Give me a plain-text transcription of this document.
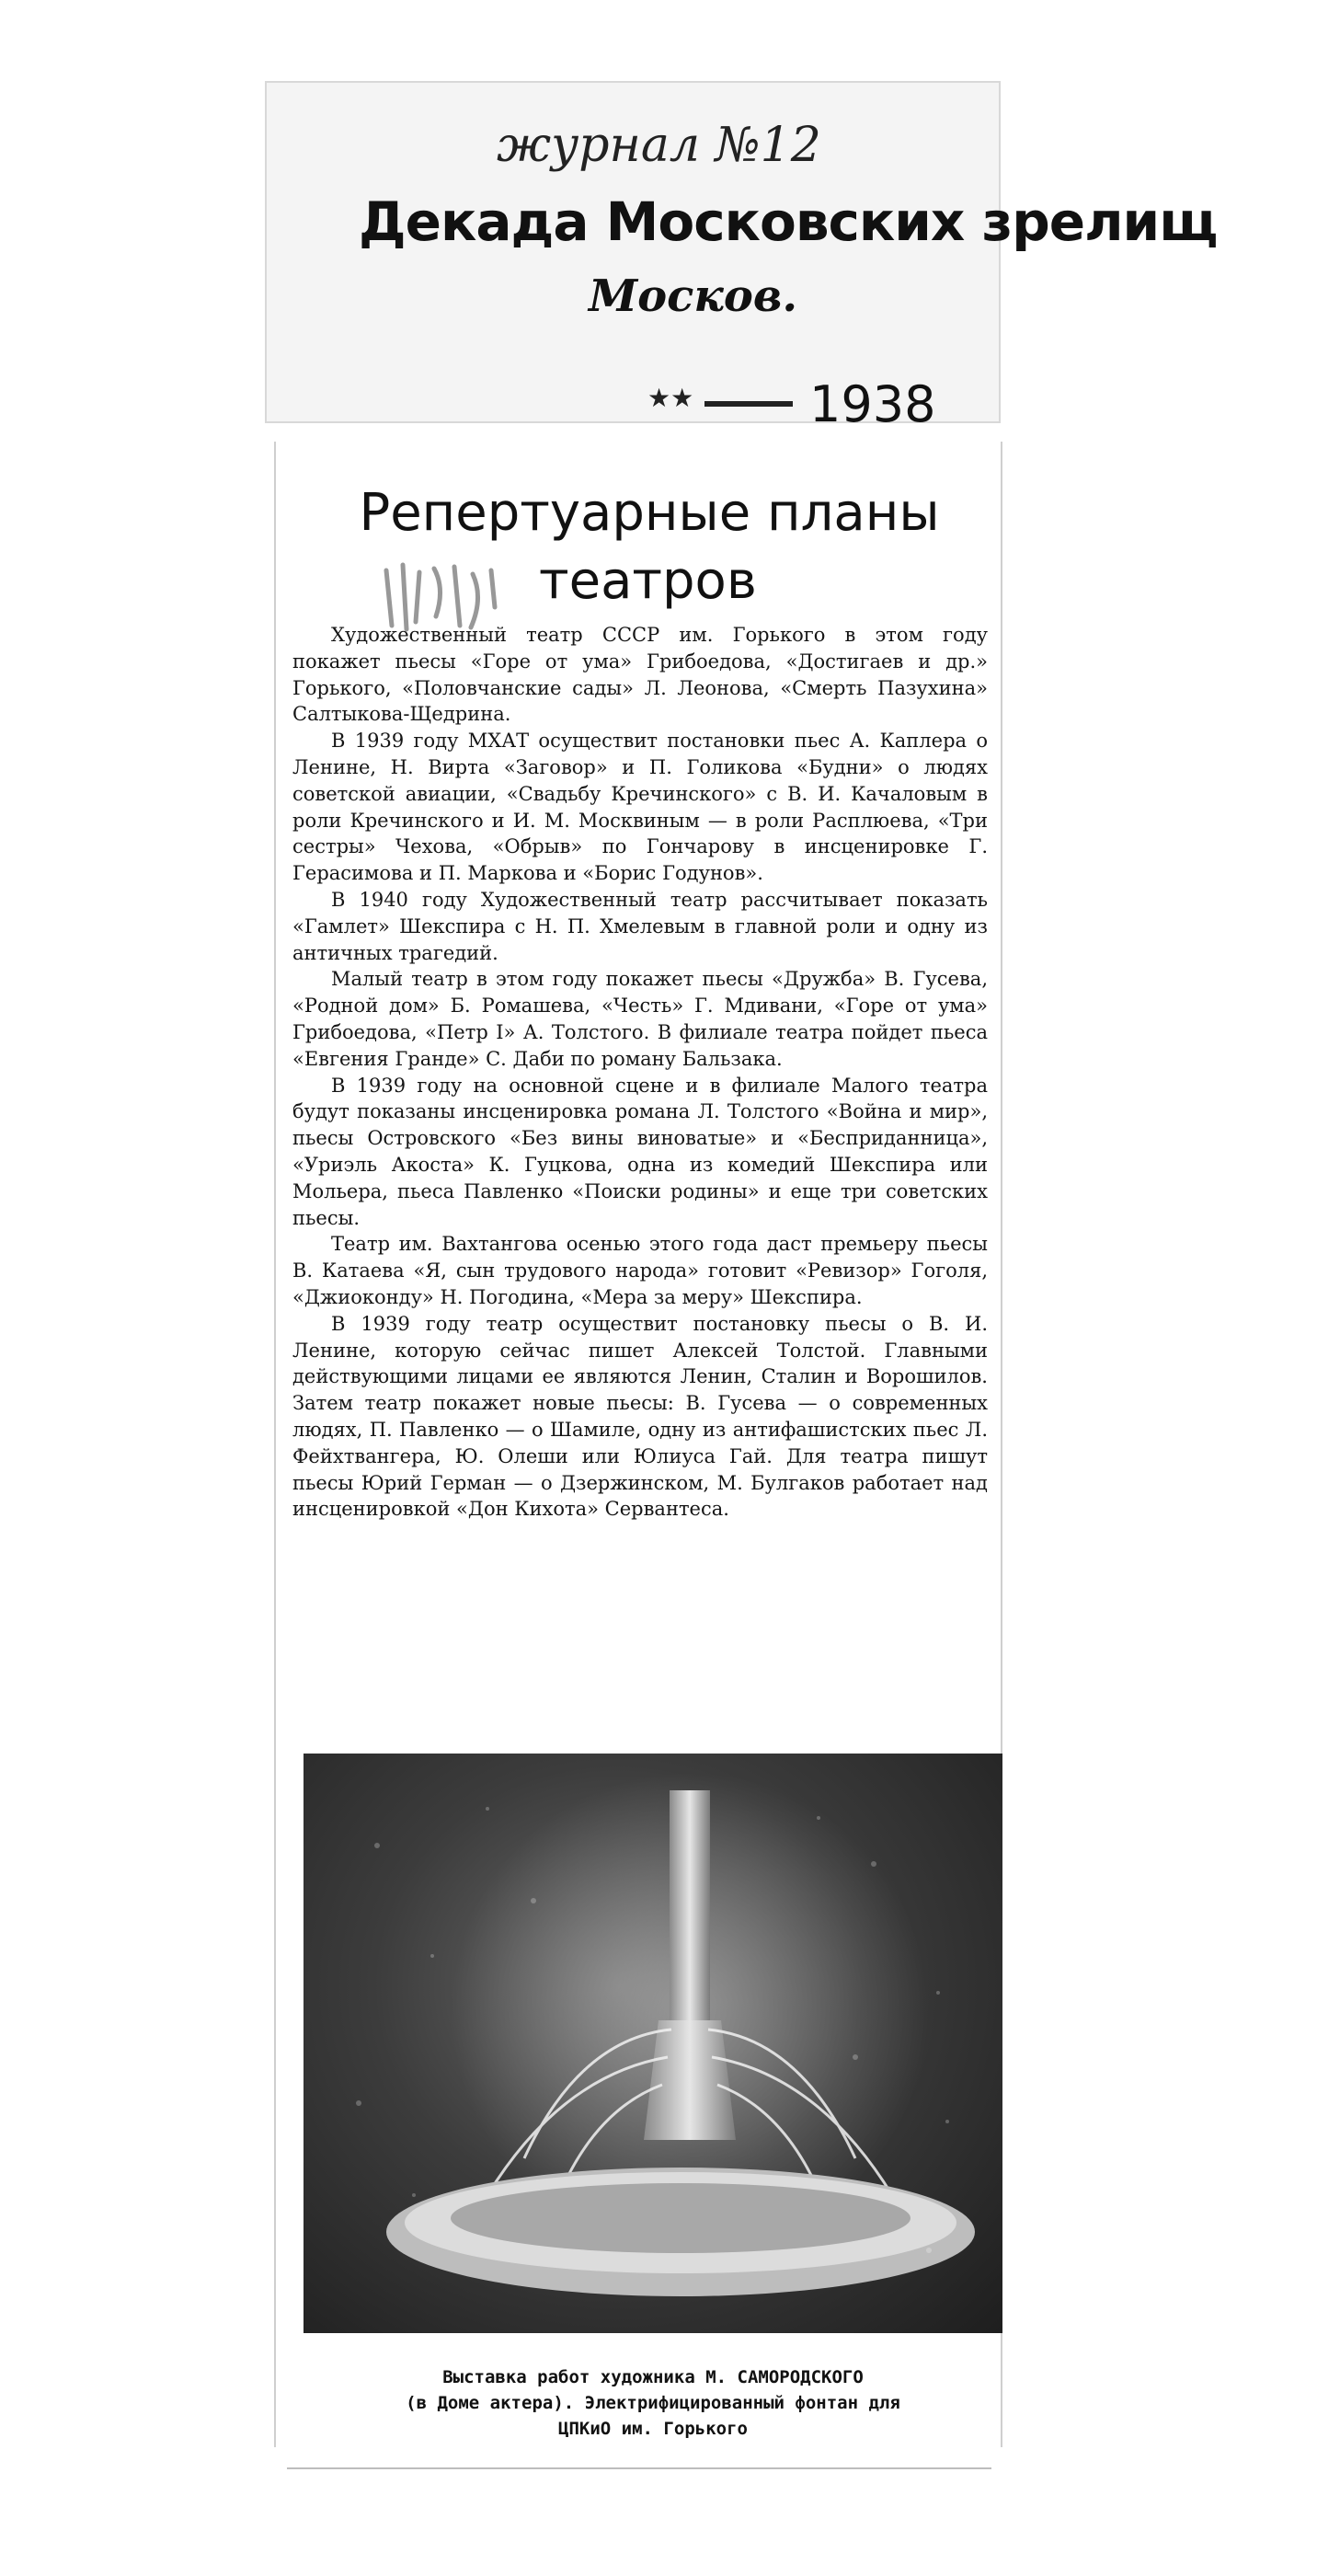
журнал №12
Декада Московских зрелищ
Москов.
★★ 1938
Репертуарные планы
театров

Художественный театр СССР им. Горького в этом году покажет пьесы «Горе от ума» Грибоедова, «Достигаев и др.» Горького, «Половчанские сады» Л. Леонова, «Смерть Пазухина» Салтыкова-Щедрина.

В 1939 году МХАТ осуществит постановки пьес А. Каплера о Ленине, Н. Вирта «Заговор» и П. Голикова «Будни» о людях советской авиации, «Свадьбу Кречинского» с В. И. Качаловым в роли Кречинского и И. М. Москвиным — в роли Расплюева, «Три сестры» Чехова, «Обрыв» по Гончарову в инсценировке Г. Герасимова и П. Маркова и «Борис Годунов».

В 1940 году Художественный театр рассчитывает показать «Гамлет» Шекспира с Н. П. Хмелевым в главной роли и одну из античных трагедий.

Малый театр в этом году покажет пьесы «Дружба» В. Гусева, «Родной дом» Б. Ромашева, «Честь» Г. Мдивани, «Горе от ума» Грибоедова, «Петр I» А. Толстого. В филиале театра пойдет пьеса «Евгения Гранде» С. Даби по роману Бальзака.

В 1939 году на основной сцене и в филиале Малого театра будут показаны инсценировка романа Л. Толстого «Война и мир», пьесы Островского «Без вины виноватые» и «Бесприданница», «Уриэль Акоста» К. Гуцкова, одна из комедий Шекспира или Мольера, пьеса Павленко «Поиски родины» и еще три советских пьесы.

Театр им. Вахтангова осенью этого года даст премьеру пьесы В. Катаева «Я, сын трудового народа» готовит «Ревизор» Гоголя, «Джиоконду» Н. Погодина, «Мера за меру» Шекспира.

В 1939 году театр осуществит постановку пьесы о В. И. Ленине, которую сейчас пишет Алексей Толстой. Главными действующими лицами ее являются Ленин, Сталин и Ворошилов. Затем театр покажет новые пьесы: В. Гусева — о современных людях, П. Павленко — о Шамиле, одну из антифашистских пьес Л. Фейхтвангера, Ю. Олеши или Юлиуса Гай. Для театра пишут пьесы Юрий Герман — о Дзержинском, М. Булгаков работает над инсценировкой «Дон Кихота» Сервантеса.

Выставка работ художника М. САМОРОДСКОГО
(в Доме актера). Электрифицированный фонтан для
ЦПКиО им. Горького
